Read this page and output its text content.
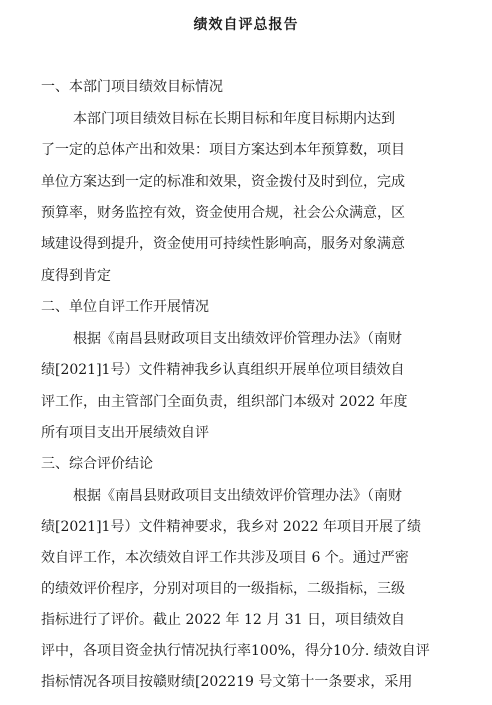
绩效自评总报告
一、本部门项目绩效目标情况
本部门项目绩效目标在长期目标和年度目标期内达到
了一定的总体产出和效果：项目方案达到本年预算数，项目
单位方案达到一定的标准和效果，资金拨付及时到位，完成
预算率，财务监控有效，资金使用合规，社会公众满意，区
域建设得到提升，资金使用可持续性影响高，服务对象满意
度得到肯定
二、单位自评工作开展情况
根据《南昌县财政项目支出绩效评价管理办法》（南财
绩[2021]1号）文件精神我乡认真组织开展单位项目绩效自
评工作，由主管部门全面负责，组织部门本级对 2022 年度
所有项目支出开展绩效自评
三、综合评价结论
根据《南昌县财政项目支出绩效评价管理办法》（南财
绩[2021]1号）文件精神要求，我乡对 2022 年项目开展了绩
效自评工作，本次绩效自评工作共涉及项目 6 个。通过严密
的绩效评价程序，分别对项目的一级指标，二级指标，三级
指标进行了评价。截止 2022 年 12 月 31 日，项目绩效自
评中，各项目资金执行情况执行率100%，得分10分. 绩效自评
指标情况各项目按赣财绩[202219 号文第十一条要求，采用
